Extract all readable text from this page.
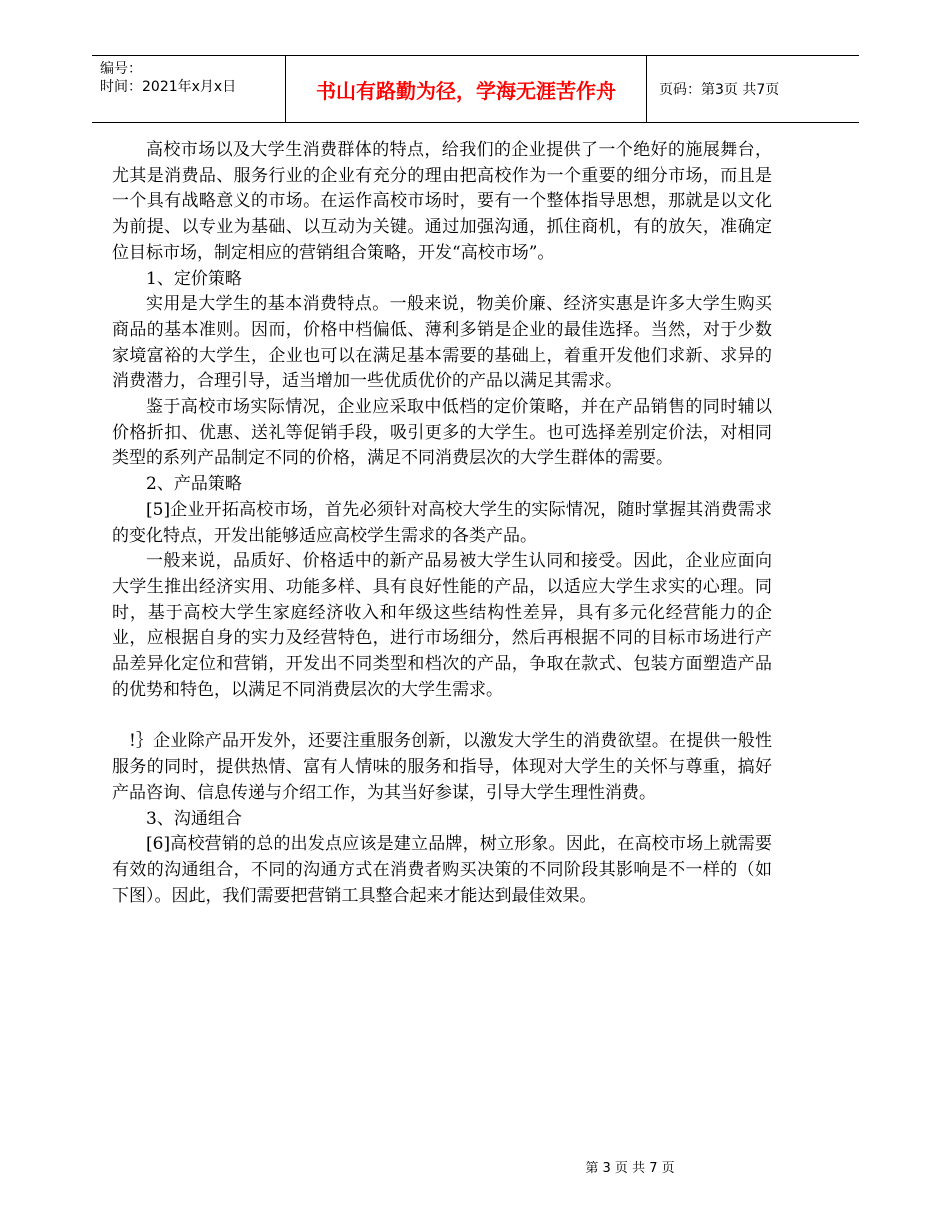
编号：
时间：2021年x月x日	书山有路勤为径，学海无涯苦作舟	页码：第3页 共7页

高校市场以及大学生消费群体的特点，给我们的企业提供了一个绝好的施展舞台，尤其是消费品、服务行业的企业有充分的理由把高校作为一个重要的细分市场，而且是一个具有战略意义的市场。在运作高校市场时，要有一个整体指导思想，那就是以文化为前提、以专业为基础、以互动为关键。通过加强沟通，抓住商机，有的放矢，准确定位目标市场，制定相应的营销组合策略，开发“高校市场”。

1、定价策略

实用是大学生的基本消费特点。一般来说，物美价廉、经济实惠是许多大学生购买商品的基本准则。因而，价格中档偏低、薄利多销是企业的最佳选择。当然，对于少数家境富裕的大学生，企业也可以在满足基本需要的基础上，着重开发他们求新、求异的消费潜力，合理引导，适当增加一些优质优价的产品以满足其需求。

鉴于高校市场实际情况，企业应采取中低档的定价策略，并在产品销售的同时辅以价格折扣、优惠、送礼等促销手段，吸引更多的大学生。也可选择差别定价法，对相同类型的系列产品制定不同的价格，满足不同消费层次的大学生群体的需要。

2、产品策略

[5]企业开拓高校市场，首先必须针对高校大学生的实际情况，随时掌握其消费需求的变化特点，开发出能够适应高校学生需求的各类产品。

一般来说，品质好、价格适中的新产品易被大学生认同和接受。因此，企业应面向大学生推出经济实用、功能多样、具有良好性能的产品，以适应大学生求实的心理。同时，基于高校大学生家庭经济收入和年级这些结构性差异，具有多元化经营能力的企业，应根据自身的实力及经营特色，进行市场细分，然后再根据不同的目标市场进行产品差异化定位和营销，开发出不同类型和档次的产品，争取在款式、包装方面塑造产品的优势和特色，以满足不同消费层次的大学生需求。

!｝企业除产品开发外，还要注重服务创新，以激发大学生的消费欲望。在提供一般性服务的同时，提供热情、富有人情味的服务和指导，体现对大学生的关怀与尊重，搞好产品咨询、信息传递与介绍工作，为其当好参谋，引导大学生理性消费。

3、沟通组合

[6]高校营销的总的出发点应该是建立品牌，树立形象。因此，在高校市场上就需要有效的沟通组合，不同的沟通方式在消费者购买决策的不同阶段其影响是不一样的（如下图）。因此，我们需要把营销工具整合起来才能达到最佳效果。

第 3 页 共 7 页
